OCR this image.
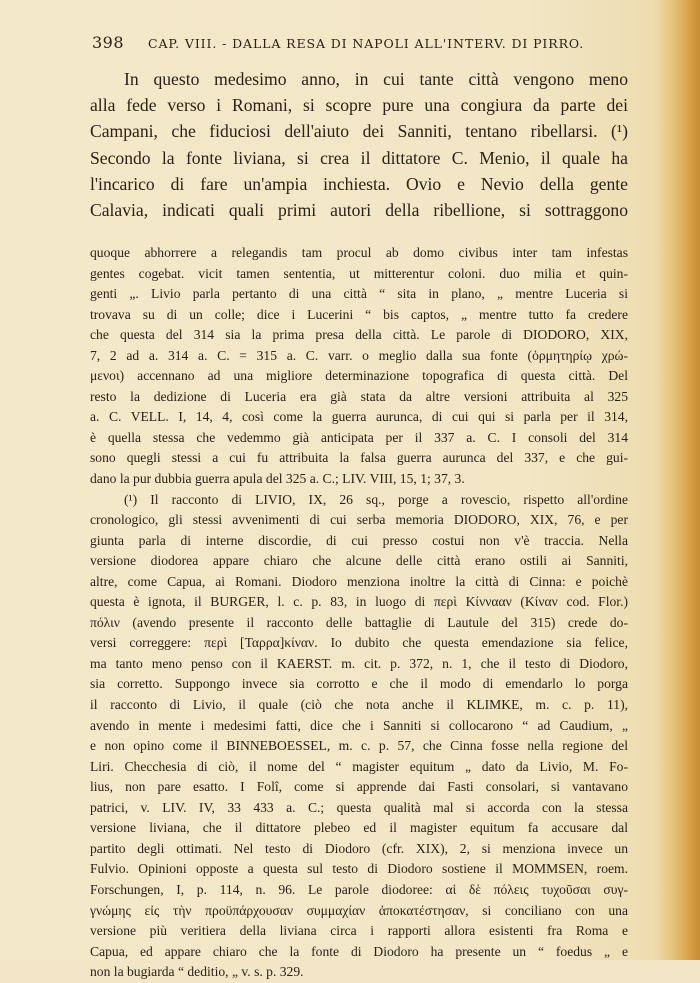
398 CAP. VIII. - DALLA RESA DI NAPOLI ALL'INTERV. DI PIRRO.
In questo medesimo anno, in cui tante città vengono meno
alla fede verso i Romani, si scopre pure una congiura da parte dei
Campani, che fiduciosi dell'aiuto dei Sanniti, tentano ribellarsi. (¹)
Secondo la fonte liviana, si crea il dittatore C. Menio, il quale ha
l'incarico di fare un'ampia inchiesta. Ovio e Nevio della gente
Calavia, indicati quali primi autori della ribellione, si sottraggono
quoque abhorrere a relegandis tam procul ab domo civibus inter tam infestas
gentes cogebat. vicit tamen sententia, ut mitterentur coloni. duo milia et quin-
genti „. Livio parla pertanto di una città “ sita in plano, „ mentre Luceria si
trovava su di un colle; dice i Lucerini “ bis captos, „ mentre tutto fa credere
che questa del 314 sia la prima presa della città. Le parole di DIODORO, XIX,
7, 2 ad a. 314 a. C. = 315 a. C. varr. o meglio dalla sua fonte (ὁρμητηρίῳ χρώ-
μενοι) accennano ad una migliore determinazione topografica di questa città. Del
resto la dedizione di Luceria era già stata da altre versioni attribuita al 325
a. C. VELL. I, 14, 4, così come la guerra aurunca, di cui qui si parla per il 314,
è quella stessa che vedemmo già anticipata per il 337 a. C. I consoli del 314
sono quegli stessi a cui fu attribuita la falsa guerra aurunca del 337, e che gui-
dano la pur dubbia guerra apula del 325 a. C.; LIV. VIII, 15, 1; 37, 3.
(¹) Il racconto di LIVIO, IX, 26 sq., porge a rovescio, rispetto all'ordine
cronologico, gli stessi avvenimenti di cui serba memoria DIODORO, XIX, 76, e per
giunta parla di interne discordie, di cui presso costui non v'è traccia. Nella
versione diodorea appare chiaro che alcune delle città erano ostili ai Sanniti,
altre, come Capua, ai Romani. Diodoro menziona inoltre la città di Cinna: e poichè
questa è ignota, il BURGER, l. c. p. 83, in luogo di περὶ Κίννααν (Κίναν cod. Flor.)
πόλιν (avendo presente il racconto delle battaglie di Lautule del 315) crede do-
versi correggere: περὶ [Ταρρα]κίναν. Io dubito che questa emendazione sia felice,
ma tanto meno penso con il KAERST. m. cit. p. 372, n. 1, che il testo di Diodoro,
sia corretto. Suppongo invece sia corrotto e che il modo di emendarlo lo porga
il racconto di Livio, il quale (ciò che nota anche il KLIMKE, m. c. p. 11),
avendo in mente i medesimi fatti, dice che i Sanniti si collocarono “ ad Caudium, „
e non opino come il BINNEBOESSEL, m. c. p. 57, che Cinna fosse nella regione del
Liri. Checchesia di ciò, il nome del “ magister equitum „ dato da Livio, M. Fo-
lius, non pare esatto. I Folî, come si apprende dai Fasti consolari, si vantavano
patrici, v. LIV. IV, 33 433 a. C.; questa qualità mal si accorda con la stessa
versione liviana, che il dittatore plebeo ed il magister equitum fa accusare dal
partito degli ottimati. Nel testo di Diodoro (cfr. XIX), 2, si menziona invece un
Fulvio. Opinioni opposte a questa sul testo di Diodoro sostiene il MOMMSEN, roem.
Forschungen, I, p. 114, n. 96. Le parole diodoree: αἱ δὲ πόλεις τυχοῦσαι συγ-
γνώμης εἰς τὴν προϋπάρχουσαν συμμαχίαν ἀποκατέστησαν, si conciliano con una
versione più veritiera della liviana circa i rapporti allora esistenti fra Roma e
Capua, ed appare chiaro che la fonte di Diodoro ha presente un “ foedus „ e
non la bugiarda “ deditio, „ v. s. p. 329.
